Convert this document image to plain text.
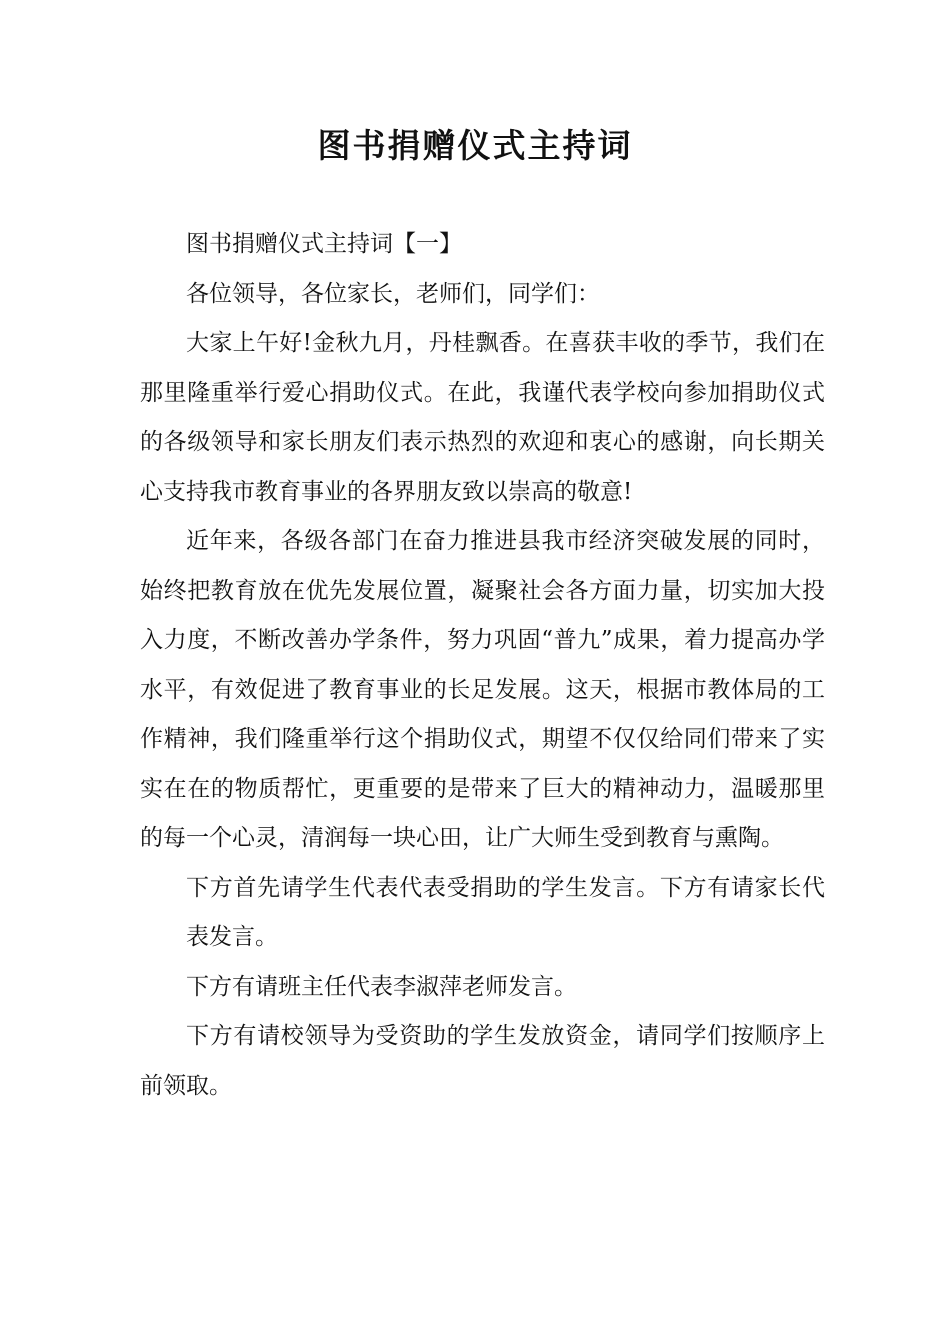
图书捐赠仪式主持词

图书捐赠仪式主持词【一】

各位领导，各位家长，老师们，同学们：

大家上午好!金秋九月，丹桂飘香。在喜获丰收的季节，我们在那里隆重举行爱心捐助仪式。在此，我谨代表学校向参加捐助仪式的各级领导和家长朋友们表示热烈的欢迎和衷心的感谢，向长期关心支持我市教育事业的各界朋友致以崇高的敬意!

近年来，各级各部门在奋力推进县我市经济突破发展的同时，始终把教育放在优先发展位置，凝聚社会各方面力量，切实加大投入力度，不断改善办学条件，努力巩固“普九”成果，着力提高办学水平，有效促进了教育事业的长足发展。这天，根据市教体局的工作精神，我们隆重举行这个捐助仪式，期望不仅仅给同们带来了实实在在的物质帮忙，更重要的是带来了巨大的精神动力，温暖那里的每一个心灵，清润每一块心田，让广大师生受到教育与熏陶。

下方首先请学生代表代表受捐助的学生发言。下方有请家长代表发言。

下方有请班主任代表李淑萍老师发言。

下方有请校领导为受资助的学生发放资金，请同学们按顺序上前领取。
